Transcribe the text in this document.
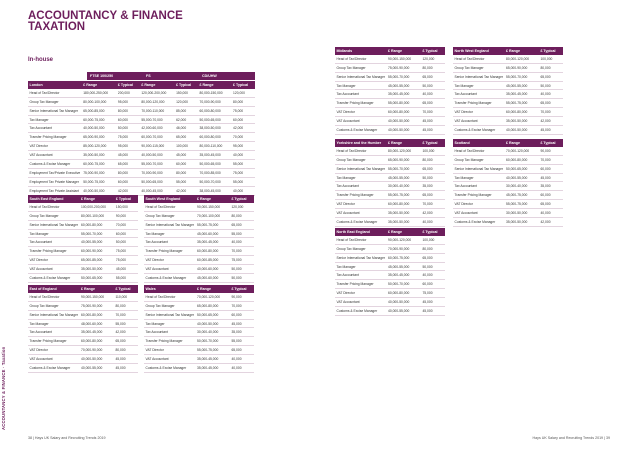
ACCOUNTANCY & FINANCE · Taxation
ACCOUNTANCY & FINANCE
TAXATION
In-house
FTSE 100/250	FS	CD/UHW
London	£ Range	£ Typical	£ Range	£ Typical	£ Range	£ Typical
Head of Tax/Director	180,000-250,000	200,000	120,000-200,000	150,000	80,000-150,000	120,000
Group Tax Manager	80,000-100,000	95,000	80,000-120,000	120,000	70,000-90,000	80,000
Senior International Tax Manager	65,000-85,000	80,000	70,000-110,000	85,000	60,000-80,000	75,000
Tax Manager	60,000-75,000	60,000	55,000-70,000	62,000	50,000-65,000	60,000
Tax Accountant	40,000-50,000	50,000	42,000-60,000	46,000	38,000-50,000	42,000
Transfer Pricing Manager	65,000-90,000	75,000	60,000-70,000	65,000	60,000-80,000	70,000
VAT Director	85,000-120,000	95,000	90,000-115,000	100,000	80,000-110,000	95,000
VAT Accountant	35,000-50,000	45,000	40,000-50,000	45,000	35,000-45,000	40,000
Customs & Excise Manager	60,000-75,000	65,000	55,000-70,000	60,000	50,000-65,000	55,000
Employment Tax/Private Executive	75,000-90,000	80,000	70,000-90,000	80,000	70,000-85,000	75,000
Employment Tax Private Manager	50,000-75,000	60,000	50,000-65,000	55,000	50,000-70,000	55,000
Employment Tax Private Assistant	40,000-50,000	42,000	40,000-45,000	42,000	38,000-45,000	40,000
South East England	£ Range	£ Typical
Head of Tax/Director	100,000-200,000	150,000
Group Tax Manager	80,000-100,000	90,000
Senior International Tax Manager	60,000-80,000	70,000
Tax Manager	55,000-70,000	60,000
Tax Accountant	40,000-55,000	50,000
Transfer Pricing Manager	60,000-90,000	75,000
VAT Director	65,000-85,000	75,000
VAT Accountant	35,000-50,000	45,000
Customs & Excise Manager	50,000-65,000	55,000
South West England	£ Range	£ Typical
Head of Tax/Director	90,000-150,000	120,000
Group Tax Manager	70,000-100,000	80,000
Senior International Tax Manager	55,000-75,000	65,000
Tax Manager	45,000-60,000	55,000
Tax Accountant	35,000-45,000	40,000
Transfer Pricing Manager	60,000-80,000	70,000
VAT Director	60,000-85,000	75,000
VAT Accountant	40,000-60,000	50,000
Customs & Excise Manager	45,000-60,000	50,000
East of England	£ Range	£ Typical
Head of Tax/Director	90,000-150,000	110,000
Group Tax Manager	75,000-90,000	80,000
Senior International Tax Manager	60,000-80,000	70,000
Tax Manager	48,000-60,000	55,000
Tax Accountant	35,000-45,000	42,000
Transfer Pricing Manager	60,000-80,000	65,000
VAT Director	70,000-90,000	80,000
VAT Accountant	40,000-50,000	45,000
Customs & Excise Manager	40,000-55,000	45,000
Wales	£ Range	£ Typical
Head of Tax/Director	70,000-120,000	90,000
Group Tax Manager	65,000-80,000	70,000
Senior International Tax Manager	50,000-65,000	60,000
Tax Manager	40,000-50,000	45,000
Tax Accountant	30,000-40,000	35,000
Transfer Pricing Manager	50,000-70,000	55,000
VAT Director	55,000-75,000	65,000
VAT Accountant	35,000-45,000	40,000
Customs & Excise Manager	35,000-45,000	40,000
Midlands	£ Range	£ Typical
Head of Tax/Director	90,000-150,000	120,000
Group Tax Manager	75,000-90,000	80,000
Senior International Tax Manager	55,000-70,000	65,000
Tax Manager	45,000-55,000	50,000
Tax Accountant	35,000-45,000	40,000
Transfer Pricing Manager	55,000-80,000	65,000
VAT Director	60,000-80,000	70,000
VAT Accountant	40,000-50,000	45,000
Customs & Excise Manager	40,000-50,000	45,000
North West England	£ Range	£ Typical
Head of Tax/Director	80,000-120,000	100,000
Group Tax Manager	65,000-90,000	80,000
Senior International Tax Manager	55,000-70,000	65,000
Tax Manager	45,000-55,000	50,000
Tax Accountant	35,000-45,000	40,000
Transfer Pricing Manager	55,000-75,000	65,000
VAT Director	60,000-80,000	70,000
VAT Accountant	35,000-50,000	42,000
Customs & Excise Manager	40,000-50,000	45,000
Yorkshire and the Humber	£ Range	£ Typical
Head of Tax/Director	80,000-120,000	100,000
Group Tax Manager	65,000-90,000	80,000
Senior International Tax Manager	55,000-70,000	65,000
Tax Manager	45,000-55,000	50,000
Tax Accountant	30,000-40,000	35,000
Transfer Pricing Manager	55,000-75,000	65,000
VAT Director	60,000-80,000	70,000
VAT Accountant	35,000-50,000	42,000
Customs & Excise Manager	35,000-50,000	40,000
Scotland	£ Range	£ Typical
Head of Tax/Director	70,000-120,000	90,000
Group Tax Manager	60,000-80,000	70,000
Senior International Tax Manager	50,000-65,000	60,000
Tax Manager	40,000-55,000	45,000
Tax Accountant	30,000-40,000	35,000
Transfer Pricing Manager	45,000-75,000	60,000
VAT Director	55,000-75,000	65,000
VAT Accountant	30,000-50,000	40,000
Customs & Excise Manager	35,000-50,000	42,000
North East England	£ Range	£ Typical
Head of Tax/Director	90,000-120,000	100,000
Group Tax Manager	70,000-90,000	80,000
Senior International Tax Manager	60,000-75,000	65,000
Tax Manager	45,000-55,000	50,000
Tax Accountant	35,000-45,000	40,000
Transfer Pricing Manager	50,000-70,000	60,000
VAT Director	60,000-80,000	75,000
VAT Accountant	40,000-50,000	45,000
Customs & Excise Manager	40,000-55,000	45,000
38 | Hays UK Salary and Recruiting Trends 2019	Hays UK Salary and Recruiting Trends 2019 | 39
